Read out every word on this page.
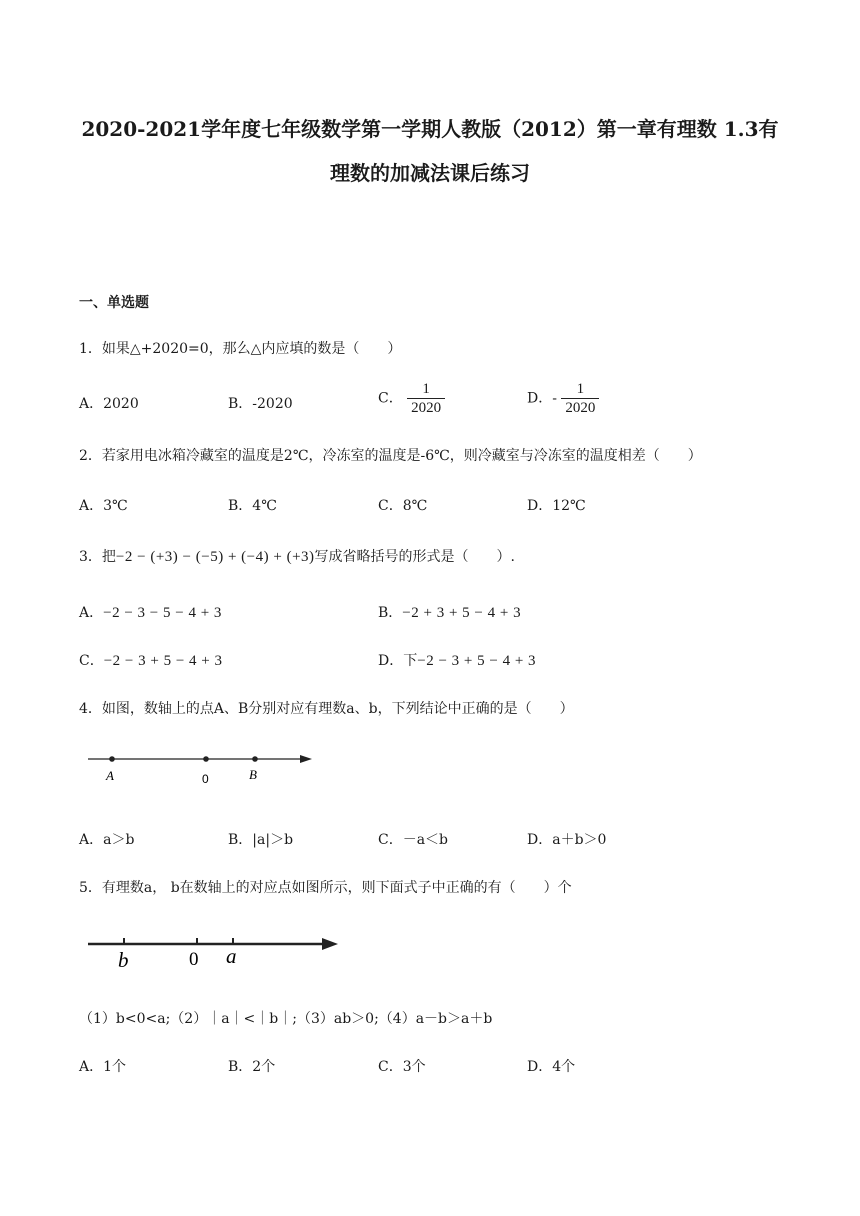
2020-2021学年度七年级数学第一学期人教版（2012）第一章有理数 1.3有
理数的加减法课后练习
一、单选题
1．如果△+2020=0，那么△内应填的数是（　　）
A．2020	B．-2020	C． $\frac{1}{2020}$	D．- $\frac{1}{2020}$
2．若家用电冰箱冷藏室的温度是2℃，冷冻室的温度是-6℃，则冷藏室与冷冻室的温度相差（　　）
A．3℃	B．4℃	C．8℃	D．12℃
3．把−2 − (+3) − (−5) + (−4) + (+3)写成省略括号的形式是（　　）.
A．−2 − 3 − 5 − 4 + 3	B．−2 + 3 + 5 − 4 + 3
C．−2 − 3 + 5 − 4 + 3	D．下−2 − 3 + 5 − 4 + 3
4．如图，数轴上的点A、B分别对应有理数a、b，下列结论中正确的是（　　）
A	0	B
A．a＞b	B．|a|＞b	C．－a＜b	D．a＋b＞0
5．有理数a， b在数轴上的对应点如图所示，则下面式子中正确的有（　　）个
b	0 a
（1）b<0<a;（2）｜a｜<｜b｜;（3）ab＞0;（4）a－b＞a＋b
A．1个	B．2个	C．3个	D．4个
